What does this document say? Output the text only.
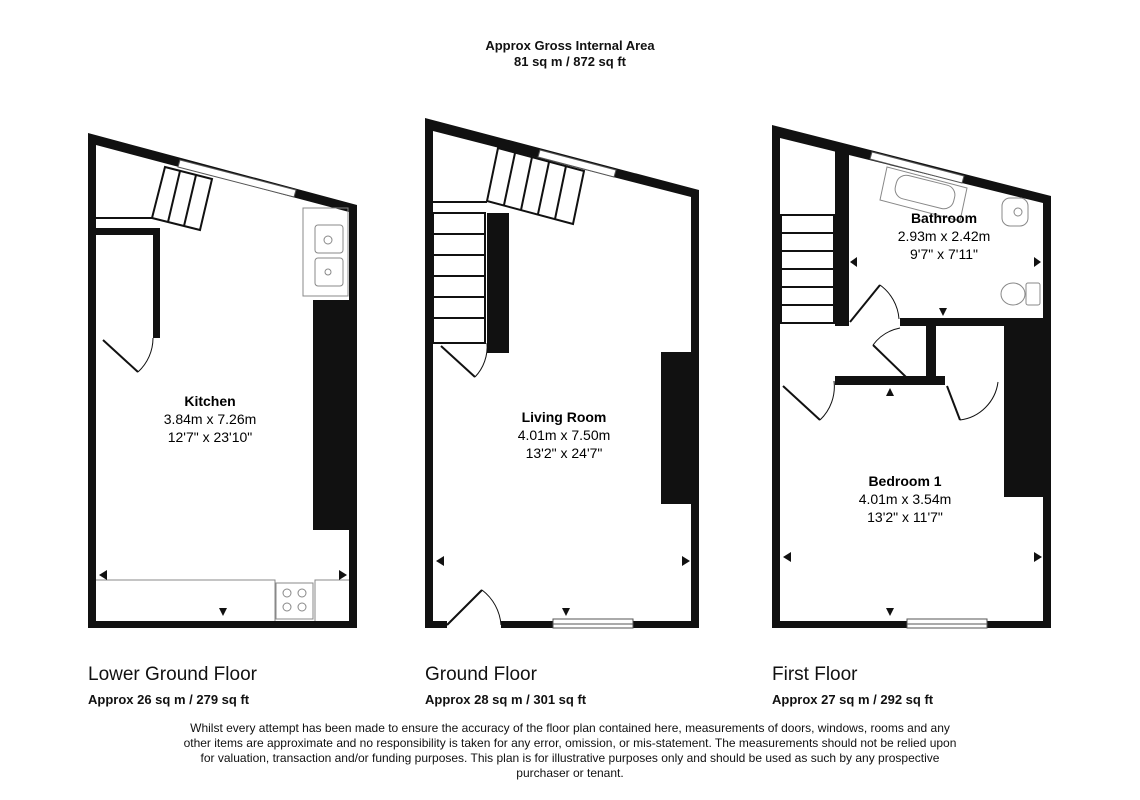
Approx Gross Internal Area
81 sq m / 872 sq ft
Kitchen
3.84m x 7.26m
12'7" x 23'10"
Living Room
4.01m x 7.50m
13'2" x 24'7"
Bathroom
2.93m x 2.42m
9'7" x 7'11"
Bedroom 1
4.01m x 3.54m
13'2" x 11'7"
Lower Ground Floor
Approx 26 sq m / 279 sq ft
Ground Floor
Approx 28 sq m / 301 sq ft
First Floor
Approx 27 sq m / 292 sq ft
Whilst every attempt has been made to ensure the accuracy of the floor plan contained here, measurements of doors, windows, rooms and any other items are approximate and no responsibility is taken for any error, omission, or mis-statement. The measurements should not be relied upon for valuation, transaction and/or funding purposes. This plan is for illustrative purposes only and should be used as such by any prospective purchaser or tenant.
